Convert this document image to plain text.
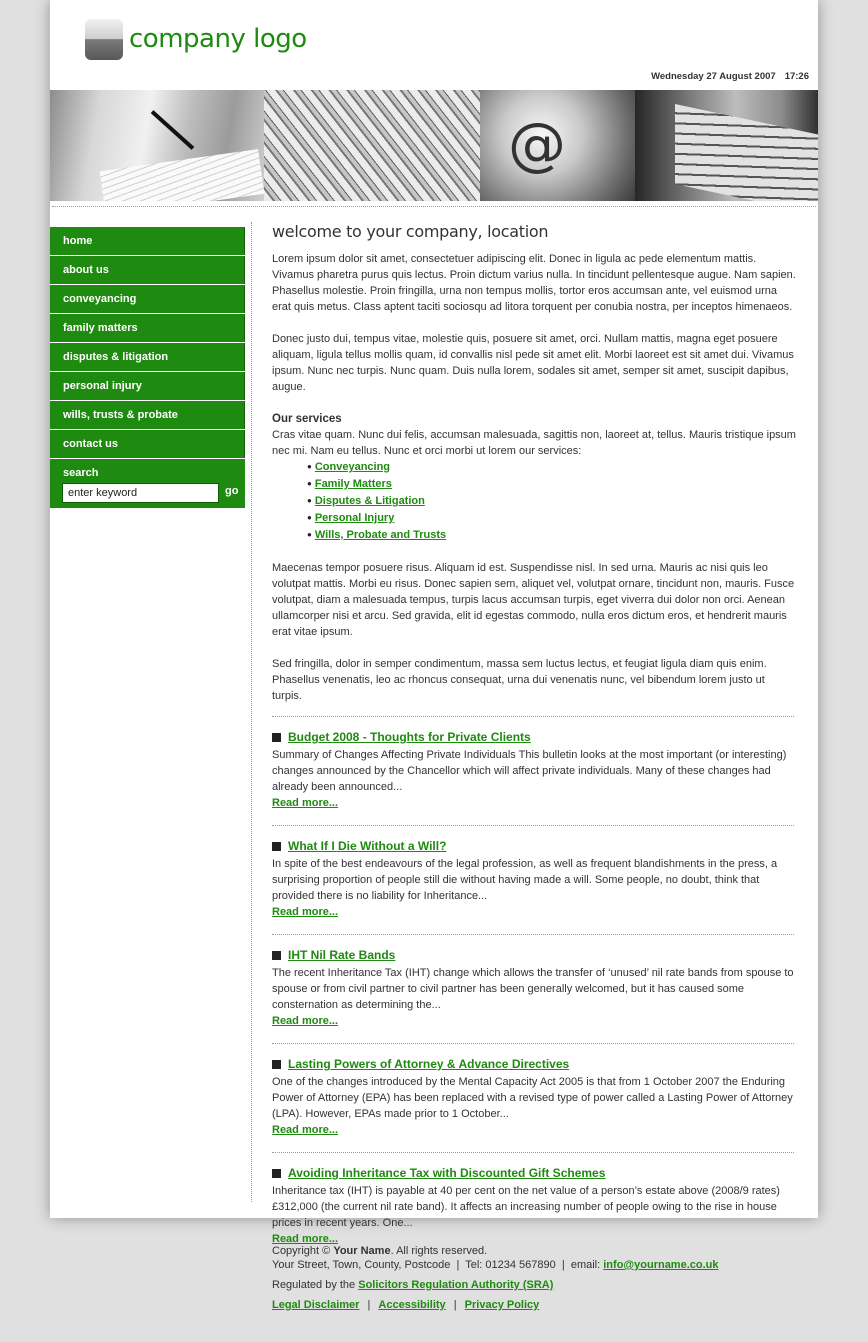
company logo
Wednesday 27 August 2007 17:26
@
home
about us
conveyancing
family matters
disputes & litigation
personal injury
wills, trusts & probate
contact us
search
enter keyword
go
welcome to your company, location

Lorem ipsum dolor sit amet, consectetuer adipiscing elit. Donec in ligula ac pede elementum mattis. Vivamus pharetra purus quis lectus. Proin dictum varius nulla. In tincidunt pellentesque augue. Nam sapien. Phasellus molestie. Proin fringilla, urna non tempus mollis, tortor eros accumsan ante, vel euismod urna erat quis metus. Class aptent taciti sociosqu ad litora torquent per conubia nostra, per inceptos himenaeos.

Donec justo dui, tempus vitae, molestie quis, posuere sit amet, orci. Nullam mattis, magna eget posuere aliquam, ligula tellus mollis quam, id convallis nisl pede sit amet elit. Morbi laoreet est sit amet dui. Vivamus ipsum. Nunc nec turpis. Nunc quam. Duis nulla lorem, sodales sit amet, semper sit amet, suscipit dapibus, augue.

Our services

Cras vitae quam. Nunc dui felis, accumsan malesuada, sagittis non, laoreet at, tellus. Mauris tristique ipsum nec mi. Nam eu tellus. Nunc et orci morbi ut lorem our services:

● Conveyancing
● Family Matters
● Disputes & Litigation
● Personal Injury
● Wills, Probate and Trusts

Maecenas tempor posuere risus. Aliquam id est. Suspendisse nisl. In sed urna. Mauris ac nisi quis leo volutpat mattis. Morbi eu risus. Donec sapien sem, aliquet vel, volutpat ornare, tincidunt non, mauris. Fusce volutpat, diam a malesuada tempus, turpis lacus accumsan turpis, eget viverra dui dolor non orci. Aenean ullamcorper nisi et arcu. Sed gravida, elit id egestas commodo, nulla eros dictum eros, et hendrerit mauris erat vitae ipsum.

Sed fringilla, dolor in semper condimentum, massa sem luctus lectus, et feugiat ligula diam quis enim. Phasellus venenatis, leo ac rhoncus consequat, urna dui venenatis nunc, vel bibendum lorem justo ut turpis.

Budget 2008 - Thoughts for Private Clients

Summary of Changes Affecting Private Individuals This bulletin looks at the most important (or interesting) changes announced by the Chancellor which will affect private individuals. Many of these changes had already been announced...

Read more...
What If I Die Without a Will?

In spite of the best endeavours of the legal profession, as well as frequent blandishments in the press, a surprising proportion of people still die without having made a will. Some people, no doubt, think that provided there is no liability for Inheritance...

Read more...
IHT Nil Rate Bands

The recent Inheritance Tax (IHT) change which allows the transfer of ‘unused’ nil rate bands from spouse to spouse or from civil partner to civil partner has been generally welcomed, but it has caused some consternation as determining the...

Read more...
Lasting Powers of Attorney & Advance Directives

One of the changes introduced by the Mental Capacity Act 2005 is that from 1 October 2007 the Enduring Power of Attorney (EPA) has been replaced with a revised type of power called a Lasting Power of Attorney (LPA). However, EPAs made prior to 1 October...

Read more...
Avoiding Inheritance Tax with Discounted Gift Schemes

Inheritance tax (IHT) is payable at 40 per cent on the net value of a person’s estate above (2008/9 rates) £312,000 (the current nil rate band). It affects an increasing number of people owing to the rise in house prices in recent years. One...

Read more...
Copyright © Your Name. All rights reserved.
Your Street, Town, County, Postcode  |  Tel: 01234 567890  |  email: info@yourname.co.uk
Regulated by the Solicitors Regulation Authority (SRA)
Legal Disclaimer | Accessibility | Privacy Policy
